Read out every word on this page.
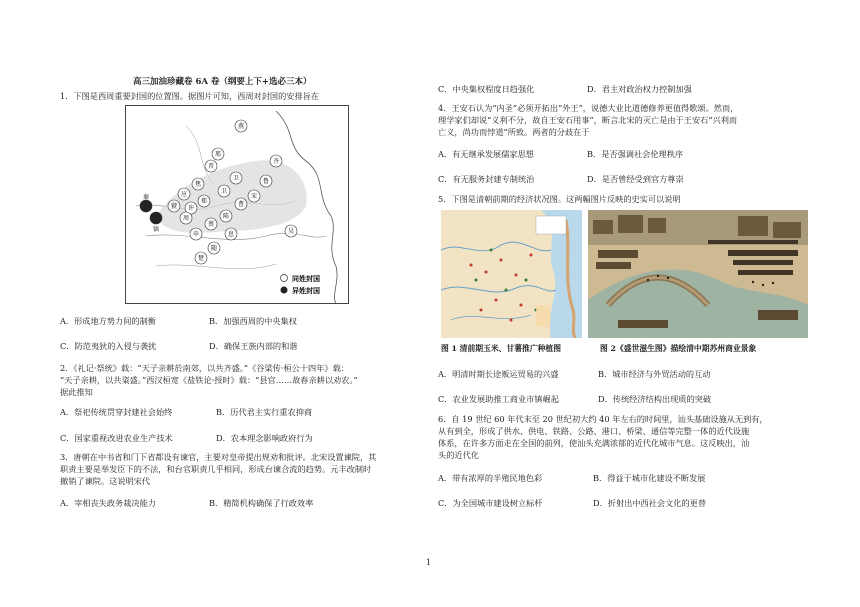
高三加油珍藏卷 6A 卷（纲要上下+选必三本）
1．下图是西周重要封国的位置图。据图片可知，西周对封国的安排旨在
燕
齐
鲁
宋
卫
晋
卫
曹
陈
蔡
郑
许
息
申
随
应
虢
镐
秦
周
楚
吴
邢
焦
同姓封国
异姓封国
A．形成地方势力间的制衡	B．加强西周的中央集权
C．防范夷狄的入侵与袭扰	D．确保王族内部的和谐
2．《礼记·祭统》载：“天子亲耕於南郊，以共齐盛。”《谷梁传·桓公十四年》载：
“天子亲耕，以共粢盛。”西汉桓宽《盐铁论·授时》载：“县官……故春亲耕以劝农。”
据此推知
A．祭祀传统贯穿封建社会始终	B．历代君主实行重农抑商
C．国家重视改进农业生产技术	D．农本理念影响政府行为
3．唐朝在中书省和门下省都设有谏官，主要对皇帝提出规劝和批评。北宋设置谏院，其
职责主要是举发臣下的不法，和台官职责几乎相同，形成台谏合流的趋势。元丰改制时
撤销了谏院。这说明宋代
A．宰相丧失政务裁决能力	B．精简机构确保了行政效率
C．中央集权程度日趋强化	D．君主对政治权力控制加强
4．王安石认为“内圣”必须开拓出“外王”，说德大业比道德修养更值得歌颂。然而，
理学家们却说“义利不分，故自王安石用事”，断言北宋的灭亡是由于王安石“兴利而
亡义，尚功而悖道”所致。两者的分歧在于
A．有无继承发展儒家思想	B．是否强调社会伦理秩序
C．有无服务封建专制统治	D．是否曾经受到官方尊崇
5．下图是清朝前期的经济状况图。这两幅图片反映的史实可以说明
图 1 清前期玉米、甘薯推广种植图	图 2《盛世滋生图》描绘清中期苏州商业景象
A．明清时期长途贩运贸易的兴盛	B．城市经济与外贸活动的互动
C．农业发展助推工商业市镇崛起	D．传统经济结构出现质的突破
6．自 19 世纪 60 年代末至 20 世纪初大约 40 年左右的时间里，汕头基础设施从无到有，
从有到全，形成了供水、供电、铁路、公路、港口、桥梁、通信等完整一体的近代设施
体系，在许多方面走在全国的前列，使汕头充满浓郁的近代化城市气息。这反映出，汕
头的近代化
A．带有浓厚的半殖民地色彩	B．得益于城市化建设不断发展
C．为全国城市建设树立标杆	D．折射出中西社会文化的更替
1
